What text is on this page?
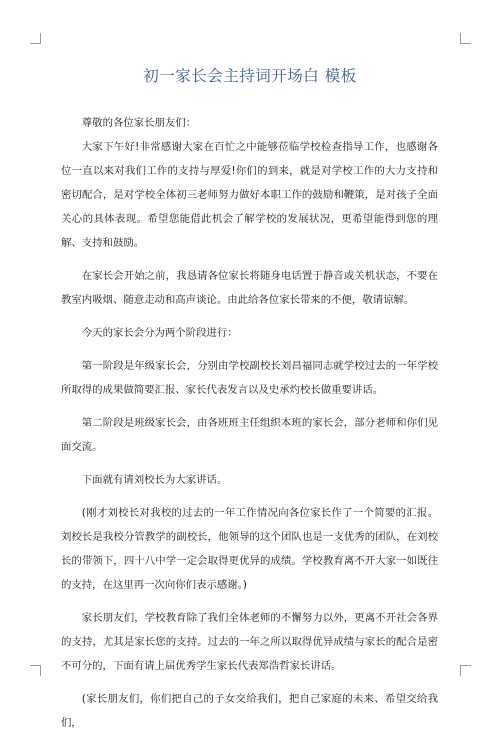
初一家长会主持词开场白 模板

尊敬的各位家长朋友们：

大家下午好!非常感谢大家在百忙之中能够莅临学校检查指导工作，也感谢各位一直以来对我们工作的支持与厚爱!你们的到来，就是对学校工作的大力支持和密切配合，是对学校全体初三老师努力做好本职工作的鼓励和鞭策，是对孩子全面关心的具体表现。希望您能借此机会了解学校的发展状况，更希望能得到您的理解、支持和鼓励。

在家长会开始之前，我恳请各位家长将随身电话置于静音或关机状态，不要在教室内吸烟、随意走动和高声谈论。由此给各位家长带来的不便，敬请谅解。

今天的家长会分为两个阶段进行：

第一阶段是年级家长会，分别由学校副校长刘昌福同志就学校过去的一年学校所取得的成果做简要汇报、家长代表发言以及史承灼校长做重要讲话。

第二阶段是班级家长会，由各班班主任组织本班的家长会，部分老师和你们见面交流。

下面就有请刘校长为大家讲话。

(刚才刘校长对我校的过去的一年工作情况向各位家长作了一个简要的汇报。刘校长是我校分管教学的副校长，他领导的这个团队也是一支优秀的团队，在刘校长的带领下，四十八中学一定会取得更优异的成绩。学校教育离不开大家一如既往的支持，在这里再一次向你们表示感谢。)

家长朋友们，学校教育除了我们全体老师的不懈努力以外，更离不开社会各界的支持，尤其是家长您的支持。过去的一年之所以取得优异成绩与家长的配合是密不可分的，下面有请上届优秀学生家长代表郑浩哲家长讲话。

(家长朋友们，你们把自己的子女交给我们，把自己家庭的未来、希望交给我们，
